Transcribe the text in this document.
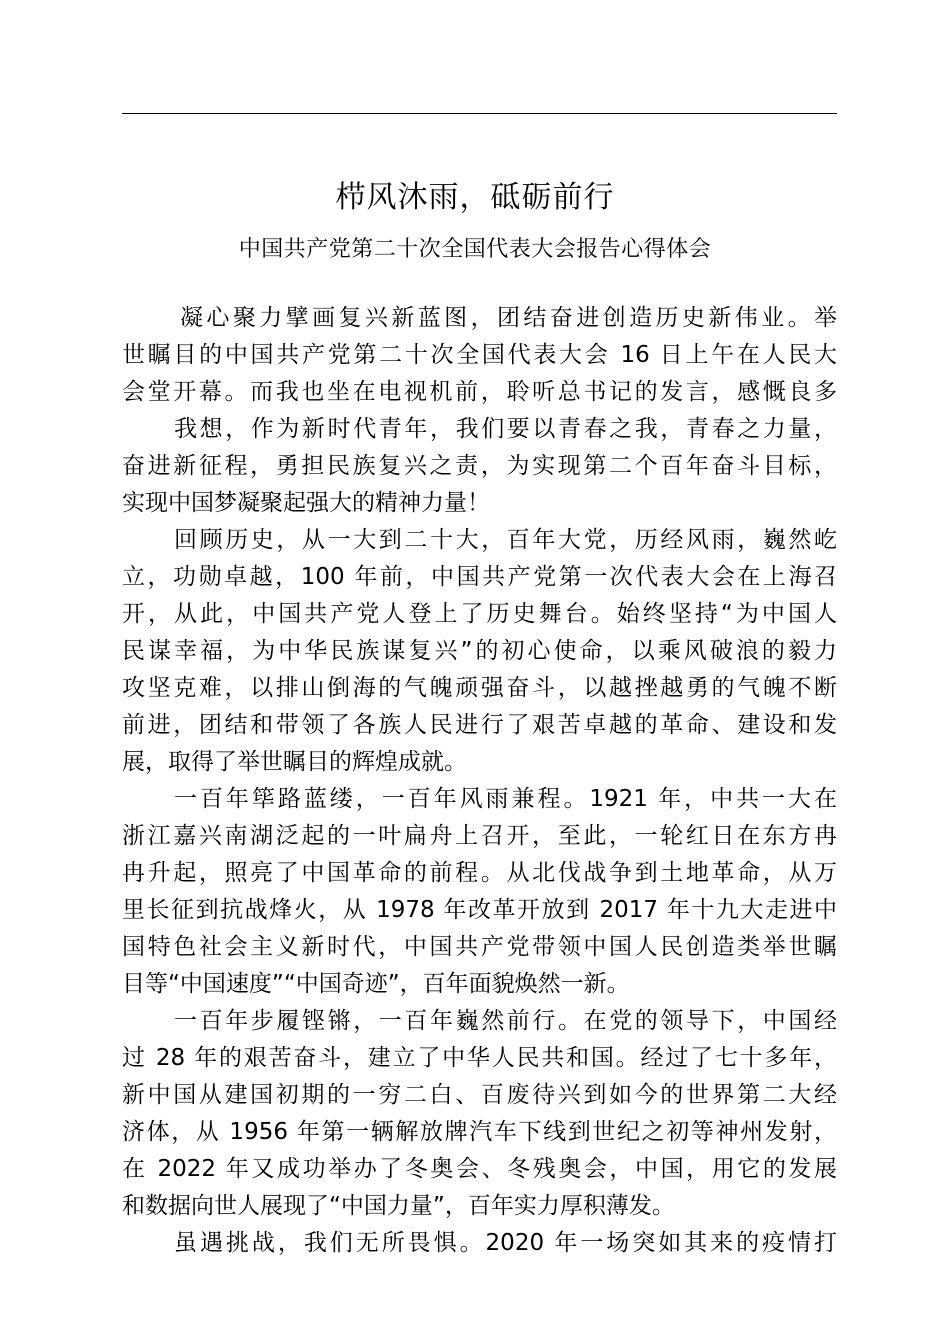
栉风沐雨，砥砺前行
中国共产党第二十次全国代表大会报告心得体会
凝心聚力擘画复兴新蓝图，团结奋进创造历史新伟业。举
世瞩目的中国共产党第二十次全国代表大会 16 日上午在人民大
会堂开幕。而我也坐在电视机前，聆听总书记的发言，感慨良多
我想，作为新时代青年，我们要以青春之我，青春之力量，
奋进新征程，勇担民族复兴之责，为实现第二个百年奋斗目标，
实现中国梦凝聚起强大的精神力量！
回顾历史，从一大到二十大，百年大党，历经风雨，巍然屹
立，功勋卓越，100 年前，中国共产党第一次代表大会在上海召
开，从此，中国共产党人登上了历史舞台。始终坚持“为中国人
民谋幸福，为中华民族谋复兴”的初心使命，以乘风破浪的毅力
攻坚克难，以排山倒海的气魄顽强奋斗，以越挫越勇的气魄不断
前进，团结和带领了各族人民进行了艰苦卓越的革命、建设和发
展，取得了举世瞩目的辉煌成就。
一百年筚路蓝缕，一百年风雨兼程。1921 年，中共一大在
浙江嘉兴南湖泛起的一叶扁舟上召开，至此，一轮红日在东方冉
冉升起，照亮了中国革命的前程。从北伐战争到土地革命，从万
里长征到抗战烽火，从 1978 年改革开放到 2017 年十九大走进中
国特色社会主义新时代，中国共产党带领中国人民创造类举世瞩
目等“中国速度”“中国奇迹”，百年面貌焕然一新。
一百年步履铿锵，一百年巍然前行。在党的领导下，中国经
过 28 年的艰苦奋斗，建立了中华人民共和国。经过了七十多年，
新中国从建国初期的一穷二白、百废待兴到如今的世界第二大经
济体，从 1956 年第一辆解放牌汽车下线到世纪之初等神州发射，
在 2022 年又成功举办了冬奥会、冬残奥会，中国，用它的发展
和数据向世人展现了“中国力量”，百年实力厚积薄发。
虽遇挑战，我们无所畏惧。2020 年一场突如其来的疫情打
